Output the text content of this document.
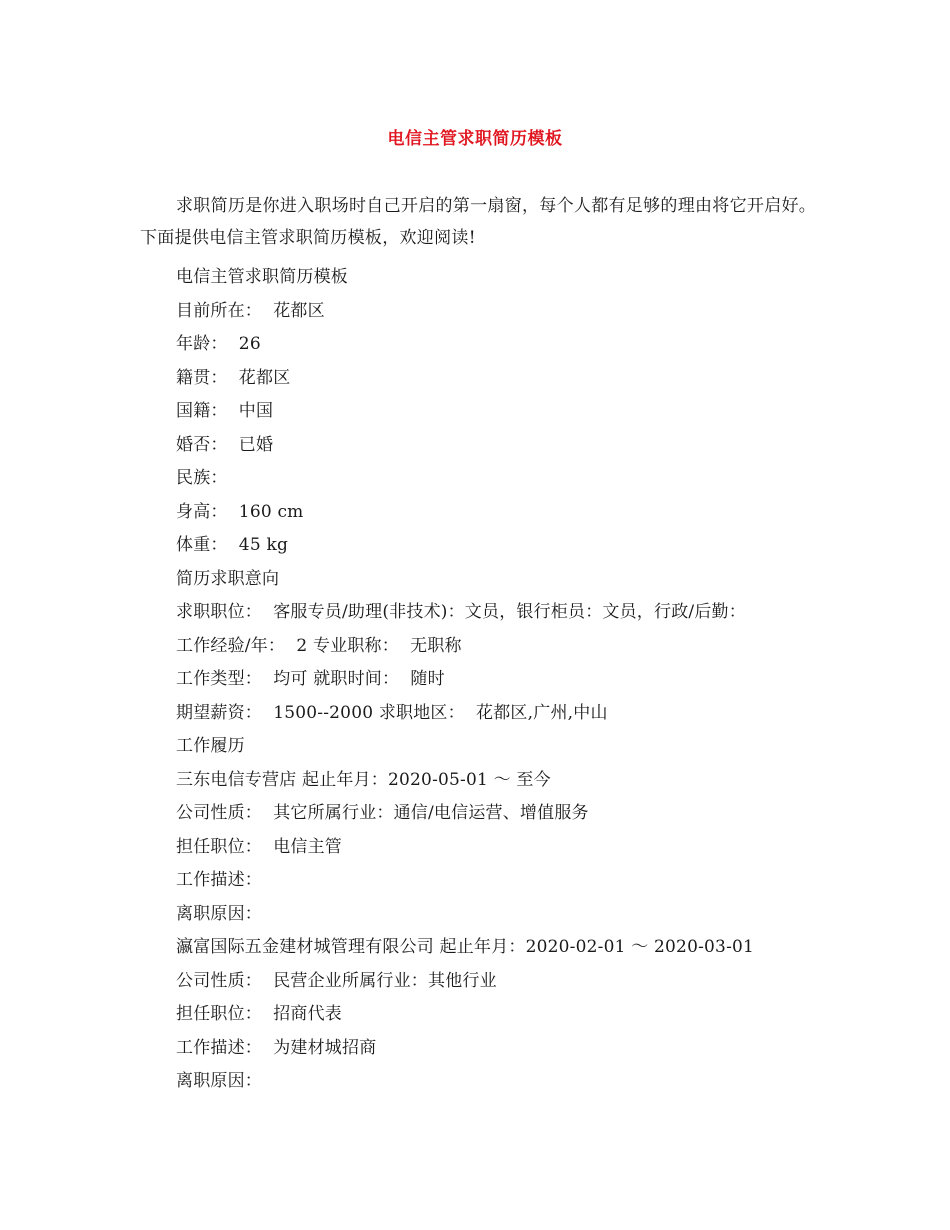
电信主管求职简历模板
求职简历是你进入职场时自己开启的第一扇窗，每个人都有足够的理由将它开启好。下面提供电信主管求职简历模板，欢迎阅读!
电信主管求职简历模板
目前所在：  花都区
年龄：  26
籍贯：  花都区
国籍：  中国
婚否：  已婚
民族：
身高：  160 cm
体重：  45 kg
简历求职意向
求职职位：  客服专员/助理(非技术)：文员，银行柜员：文员，行政/后勤：
工作经验/年：  2 专业职称：  无职称
工作类型：  均可 就职时间：  随时
期望薪资：  1500--2000 求职地区：  花都区,广州,中山
工作履历
三东电信专营店 起止年月：2020-05-01 ～ 至今
公司性质：  其它所属行业：通信/电信运营、增值服务
担任职位：  电信主管
工作描述：
离职原因：
瀛富国际五金建材城管理有限公司 起止年月：2020-02-01 ～ 2020-03-01
公司性质：  民营企业所属行业：其他行业
担任职位：  招商代表
工作描述：  为建材城招商
离职原因：
